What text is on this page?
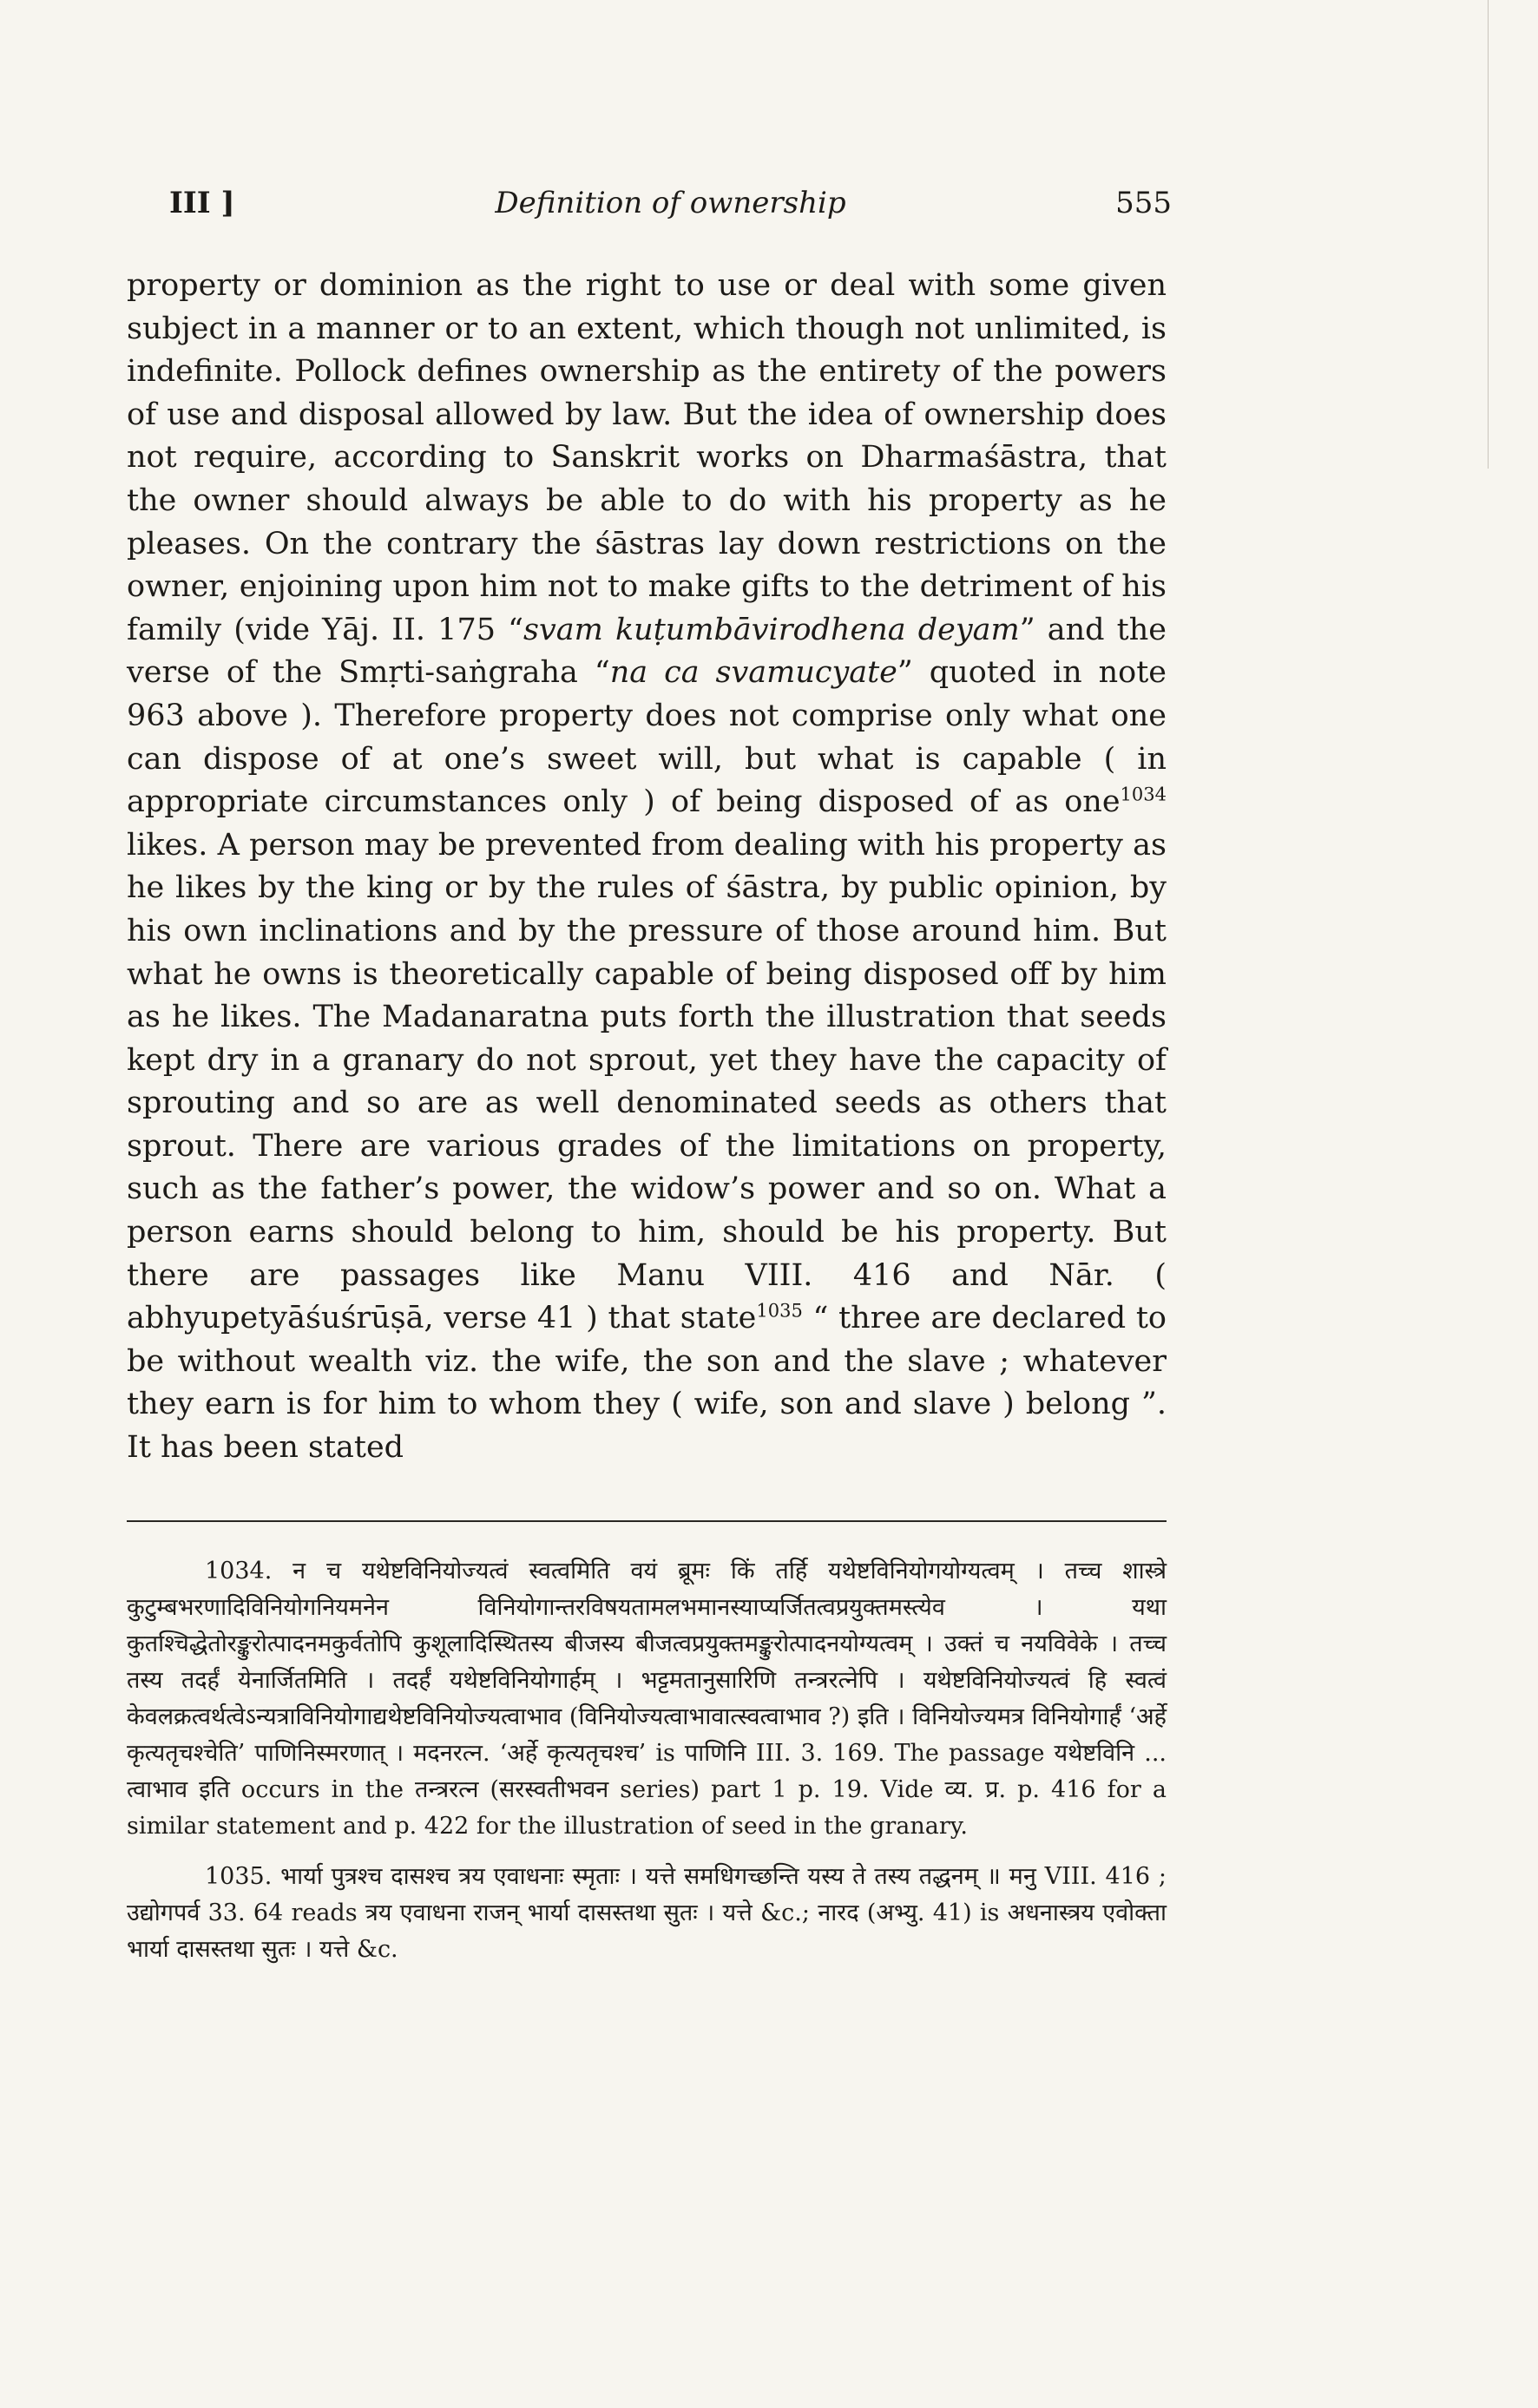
III ]	Definition of ownership	555

property or dominion as the right to use or deal with some given subject in a manner or to an extent, which though not unlimited, is indefinite. Pollock defines ownership as the entirety of the powers of use and disposal allowed by law. But the idea of ownership does not require, according to Sanskrit works on Dharmaśāstra, that the owner should always be able to do with his property as he pleases. On the contrary the śāstras lay down restrictions on the owner, enjoining upon him not to make gifts to the detriment of his family (vide Yāj. II. 175 “svam kuṭumbāvirodhena deyam” and the verse of the Smṛti-saṅgraha “na ca svamucyate” quoted in note 963 above ). Therefore property does not comprise only what one can dispose of at one’s sweet will, but what is capable ( in appropriate circumstances only ) of being disposed of as one$^{1034}$ likes. A person may be prevented from dealing with his property as he likes by the king or by the rules of śāstra, by public opinion, by his own inclinations and by the pressure of those around him. But what he owns is theoretically capable of being disposed off by him as he likes. The Madanaratna puts forth the illustration that seeds kept dry in a granary do not sprout, yet they have the capacity of sprouting and so are as well denominated seeds as others that sprout. There are various grades of the limitations on property, such as the father’s power, the widow’s power and so on. What a person earns should belong to him, should be his property. But there are passages like Manu VIII. 416 and Nār. ( abhyupetyāśuśrūṣā, verse 41 ) that state$^{1035}$ “ three are declared to be without wealth viz. the wife, the son and the slave ; whatever they earn is for him to whom they ( wife, son and slave ) belong ”. It has been stated

1034. न च यथेष्टविनियोज्यत्वं स्वत्वमिति वयं ब्रूमः किं तर्हि यथेष्टविनियोगयोग्यत्वम् । तच्च शास्त्रे कुटुम्बभरणादिविनियोगनियमनेन विनियोगान्तरविषयतामलभमानस्याप्यर्जितत्वप्रयुक्तमस्त्येव । यथा कुतश्चिद्धेतोरङ्कुरोत्पादनमकुर्वतोपि कुशूलादिस्थितस्य बीजस्य बीजत्वप्रयुक्तमङ्कुरोत्पादनयोग्यत्वम् । उक्तं च नयविवेके । तच्च तस्य तदर्हं येनार्जितमिति । तदर्हं यथेष्टविनियोगार्हम् । भट्टमतानुसारिणि तन्त्ररत्नेपि । यथेष्टविनियोज्यत्वं हि स्वत्वं केवलक्रत्वर्थत्वेऽन्यत्राविनियोगाद्यथेष्टविनियोज्यत्वाभाव (विनियोज्यत्वाभावात्स्वत्वाभाव ?) इति । विनियोज्यमत्र विनियोगार्हं ‘अर्हे कृत्यतृचश्चेति’ पाणिनिस्मरणात् । मदनरत्न. ‘अर्हे कृत्यतृचश्च’ is पाणिनि III. 3. 169. The passage यथेष्टविनि ... त्वाभाव इति occurs in the तन्त्ररत्न (सरस्वतीभवन series) part 1 p. 19. Vide व्य. प्र. p. 416 for a similar statement and p. 422 for the illustration of seed in the granary.

1035. भार्या पुत्रश्च दासश्च त्रय एवाधनाः स्मृताः । यत्ते समधिगच्छन्ति यस्य ते तस्य तद्धनम् ॥ मनु VIII. 416 ; उद्योगपर्व 33. 64 reads त्रय एवाधना राजन् भार्या दासस्तथा सुतः । यत्ते &c.; नारद (अभ्यु. 41) is अधनास्त्रय एवोक्ता भार्या दासस्तथा सुतः । यत्ते &c.
